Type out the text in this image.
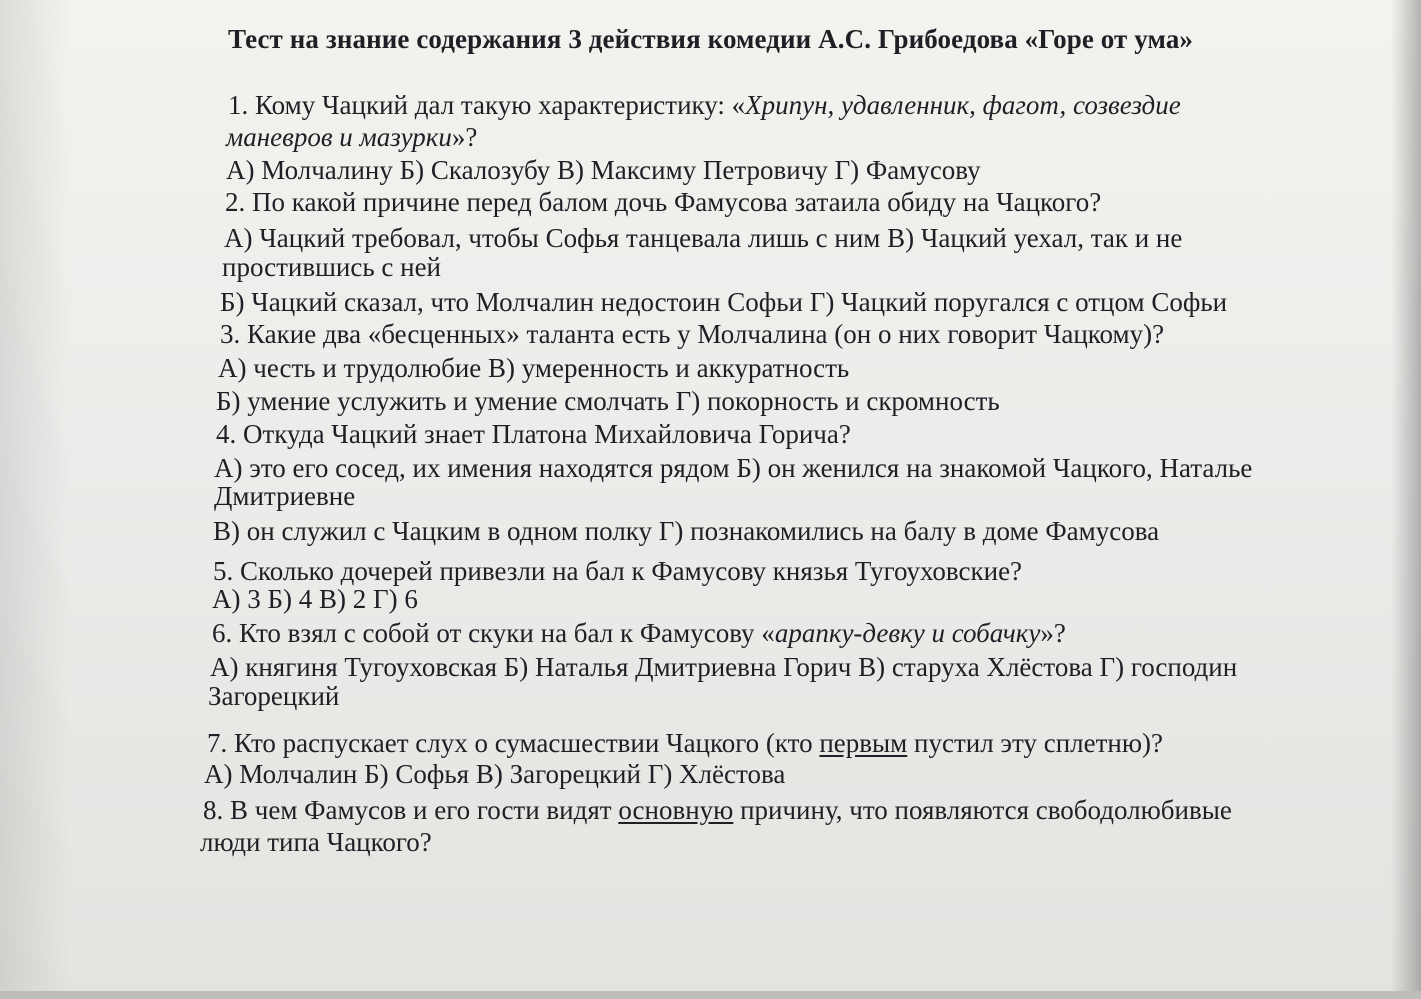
Тест на знание содержания 3 действия комедии А.С. Грибоедова «Горе от ума»
1. Кому Чацкий дал такую характеристику: «Хрипун, удавленник, фагот, созвездие
маневров и мазурки»?
А) Молчалину Б) Скалозубу В) Максиму Петровичу Г) Фамусову
2. По какой причине перед балом дочь Фамусова затаила обиду на Чацкого?
А) Чацкий требовал, чтобы Софья танцевала лишь с ним В) Чацкий уехал, так и не
простившись с ней
Б) Чацкий сказал, что Молчалин недостоин Софьи Г) Чацкий поругался с отцом Софьи
3. Какие два «бесценных» таланта есть у Молчалина (он о них говорит Чацкому)?
А) честь и трудолюбие В) умеренность и аккуратность
Б) умение услужить и умение смолчать Г) покорность и скромность
4. Откуда Чацкий знает Платона Михайловича Горича?
А) это его сосед, их имения находятся рядом Б) он женился на знакомой Чацкого, Наталье
Дмитриевне
В) он служил с Чацким в одном полку Г) познакомились на балу в доме Фамусова
5. Сколько дочерей привезли на бал к Фамусову князья Тугоуховские?
А) 3 Б) 4 В) 2 Г) 6
6. Кто взял с собой от скуки на бал к Фамусову «арапку-девку и собачку»?
А) княгиня Тугоуховская Б) Наталья Дмитриевна Горич В) старуха Хлёстова Г) господин
Загорецкий
7. Кто распускает слух о сумасшествии Чацкого (кто первым пустил эту сплетню)?
А) Молчалин Б) Софья В) Загорецкий Г) Хлёстова
8. В чем Фамусов и его гости видят основную причину, что появляются свободолюбивые
люди типа Чацкого?
